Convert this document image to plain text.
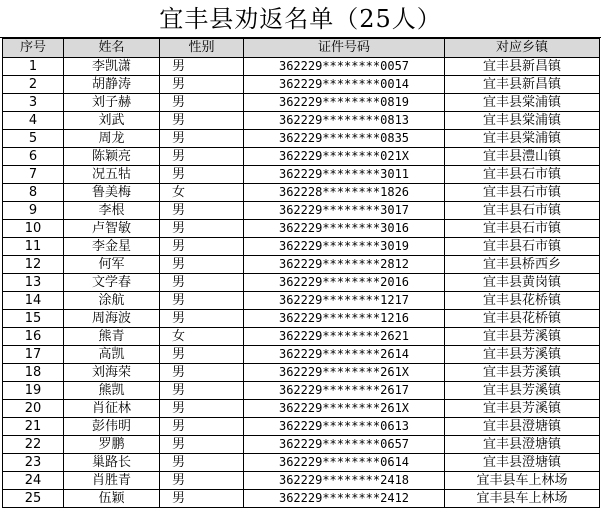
宜丰县劝返名单（25人）
序号	姓名	性别	证件号码	对应乡镇
1	李凯潇	男	362229********0057	宜丰县新昌镇
2	胡静涛	男	362229********0014	宜丰县新昌镇
3	刘子赫	男	362229********0819	宜丰县棠浦镇
4	刘武	男	362229********0813	宜丰县棠浦镇
5	周龙	男	362229********0835	宜丰县棠浦镇
6	陈颖亮	男	362229********021X	宜丰县澧山镇
7	况五牯	男	362229********3011	宜丰县石市镇
8	鲁美梅	女	362228********1826	宜丰县石市镇
9	李根	男	362229********3017	宜丰县石市镇
10	卢智敏	男	362229********3016	宜丰县石市镇
11	李金星	男	362229********3019	宜丰县石市镇
12	何军	男	362229********2812	宜丰县桥西乡
13	文学春	男	362229********2016	宜丰县黄岗镇
14	涂航	男	362229********1217	宜丰县花桥镇
15	周海波	男	362229********1216	宜丰县花桥镇
16	熊青	女	362229********2621	宜丰县芳溪镇
17	高凯	男	362229********2614	宜丰县芳溪镇
18	刘海荣	男	362229********261X	宜丰县芳溪镇
19	熊凯	男	362229********2617	宜丰县芳溪镇
20	肖征林	男	362229********261X	宜丰县芳溪镇
21	彭伟明	男	362229********0613	宜丰县澄塘镇
22	罗鹏	男	362229********0657	宜丰县澄塘镇
23	巢路长	男	362229********0614	宜丰县澄塘镇
24	肖胜青	男	362229********2418	宜丰县车上林场
25	伍颖	男	362229********2412	宜丰县车上林场
